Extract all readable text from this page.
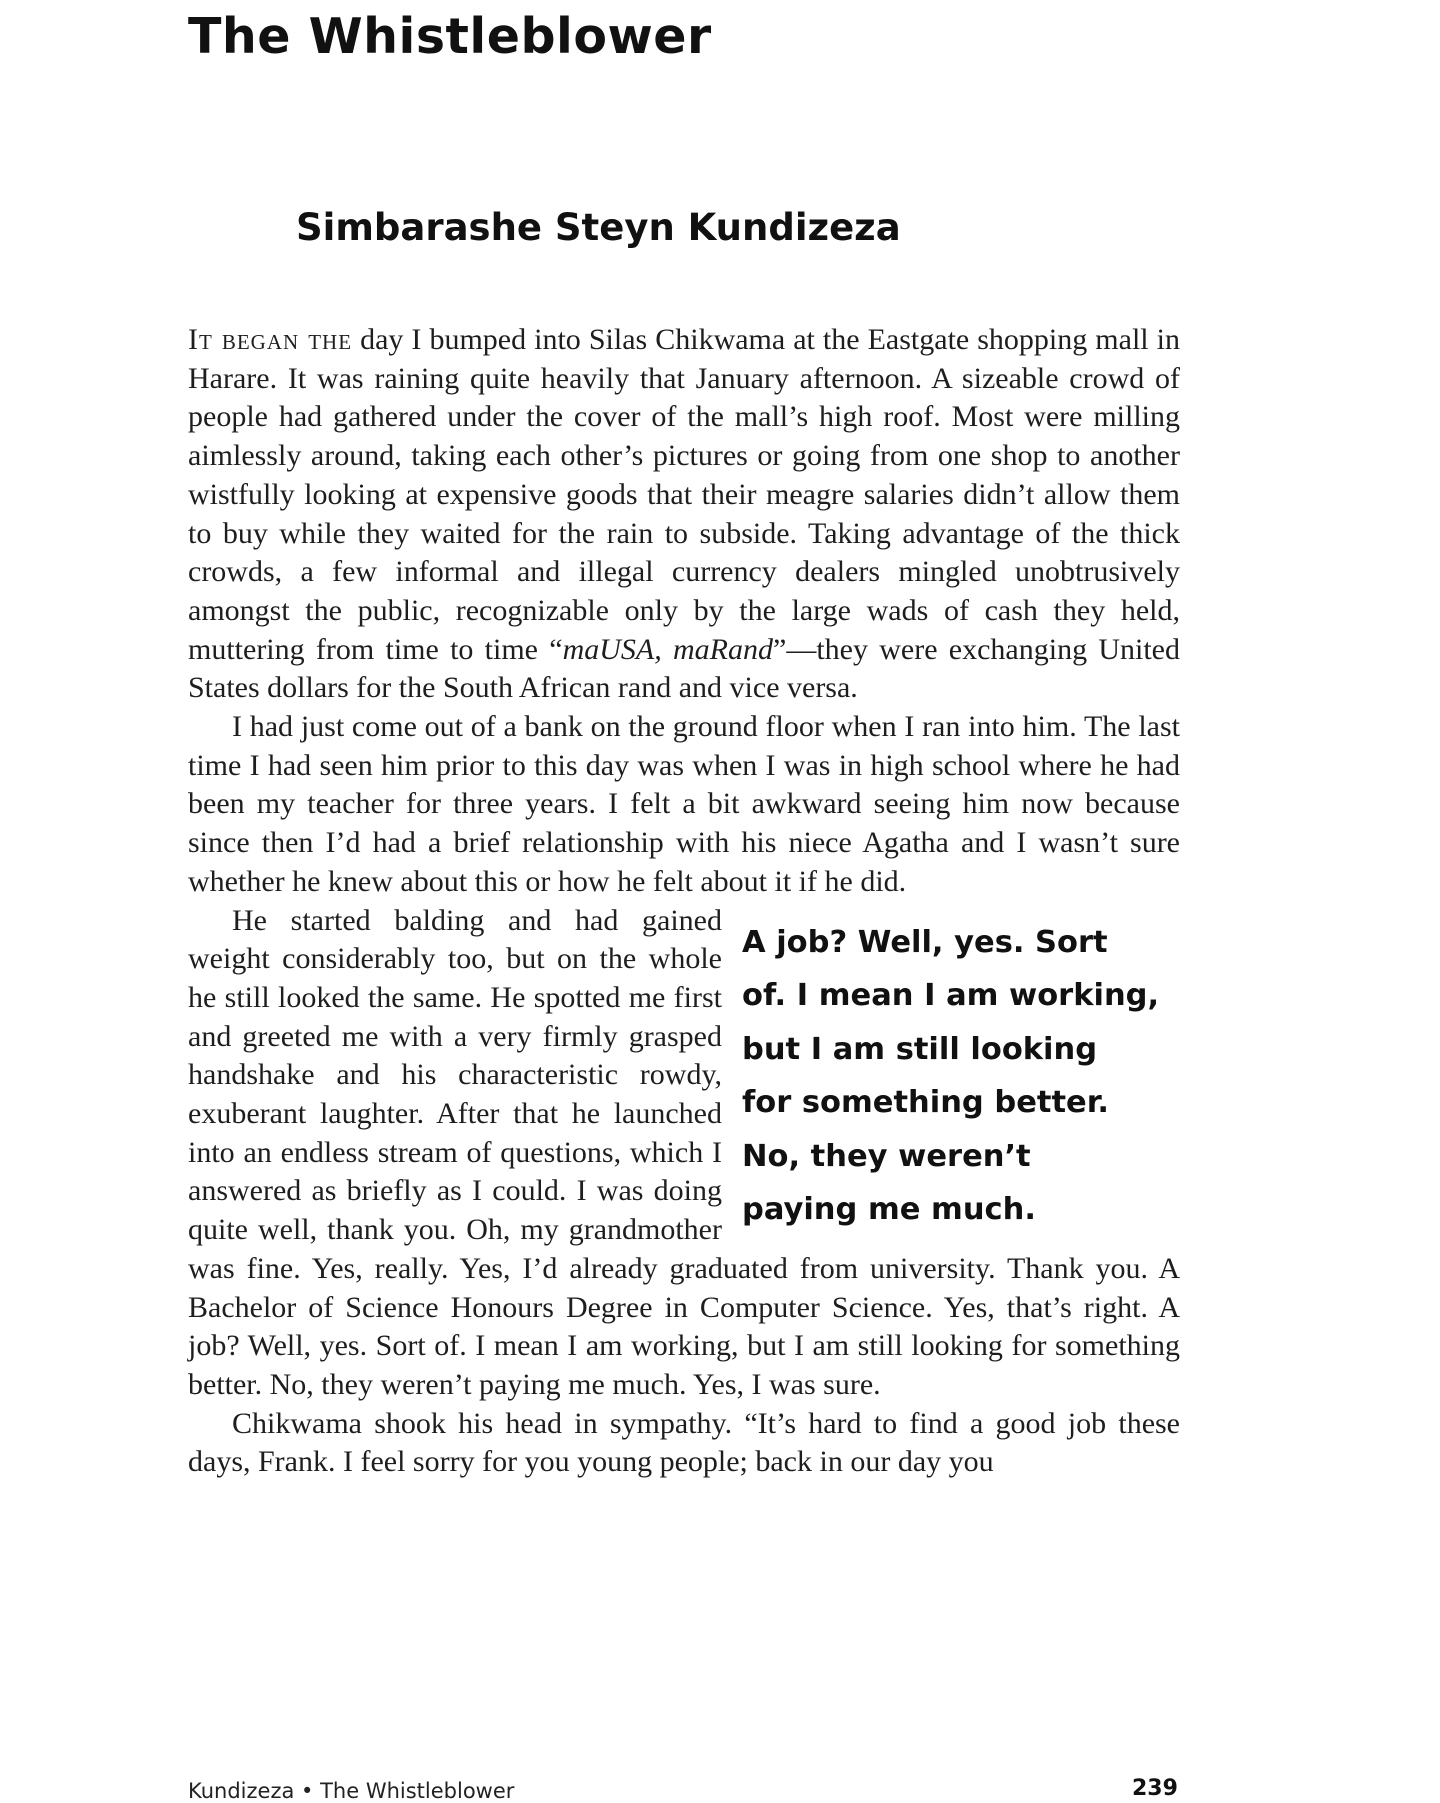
The Whistleblower
Simbarashe Steyn Kundizeza

It began the day I bumped into Silas Chikwama at the Eastgate shopping mall in Harare. It was raining quite heavily that January afternoon. A sizeable crowd of people had gathered under the cover of the mall’s high roof. Most were milling aimlessly around, taking each other’s pictures or going from one shop to another wistfully looking at expensive goods that their meagre salaries didn’t allow them to buy while they waited for the rain to subside. Taking advantage of the thick crowds, a few informal and illegal currency dealers mingled unobtrusively amongst the public, recognizable only by the large wads of cash they held, muttering from time to time “maUSA, maRand”—they were exchanging United States dollars for the South African rand and vice versa.

I had just come out of a bank on the ground floor when I ran into him. The last time I had seen him prior to this day was when I was in high school where he had been my teacher for three years. I felt a bit awkward seeing him now because since then I’d had a brief relationship with his niece Agatha and I wasn’t sure whether he knew about this or how he felt about it if he did.

A job? Well, yes. Sort
of. I mean I am working,
but I am still looking
for something better.
No, they weren’t
paying me much.

He started balding and had gained weight considerably too, but on the whole he still looked the same. He spotted me first and greeted me with a very firmly grasped handshake and his characteristic rowdy, exuberant laughter. After that he launched into an endless stream of questions, which I answered as briefly as I could. I was doing quite well, thank you. Oh, my grandmother was fine. Yes, really. Yes, I’d already graduated from university. Thank you. A Bachelor of Science Honours Degree in Computer Science. Yes, that’s right. A job? Well, yes. Sort of. I mean I am working, but I am still looking for something better. No, they weren’t paying me much. Yes, I was sure.

Chikwama shook his head in sympathy. “It’s hard to find a good job these days, Frank. I feel sorry for you young people; back in our day you

Kundizeza • The Whistleblower	239
